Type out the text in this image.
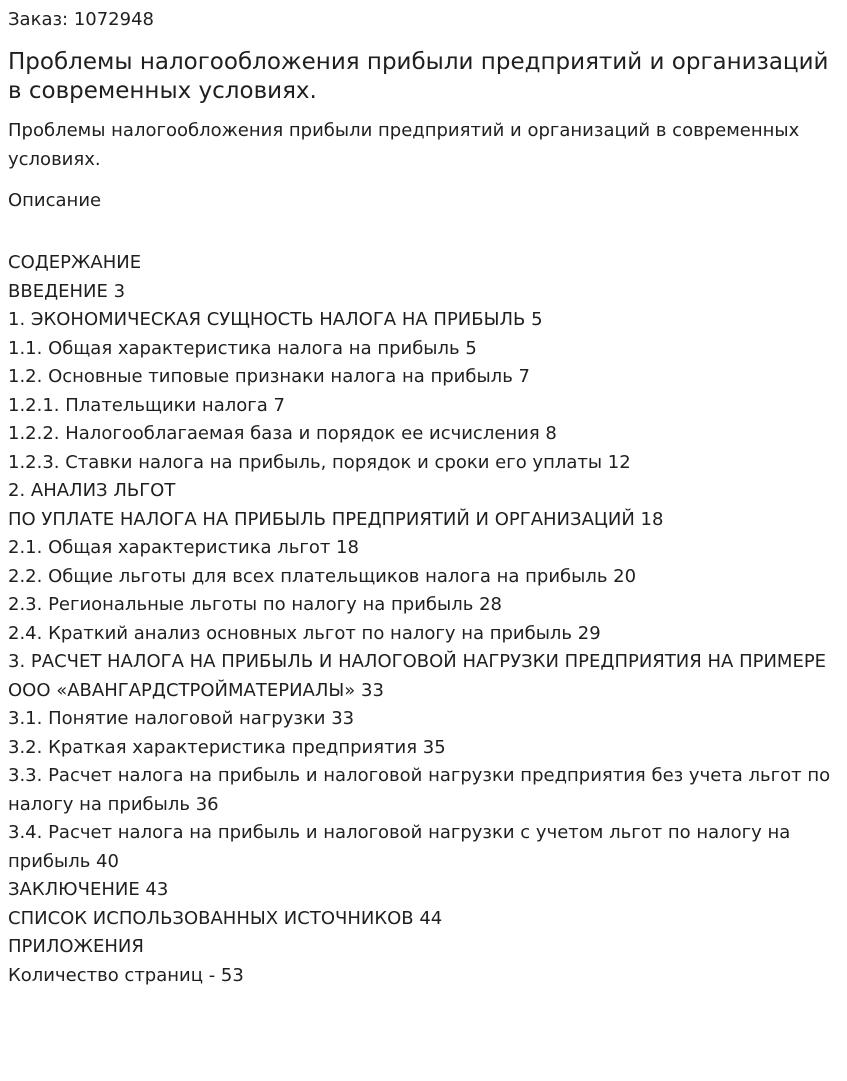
Заказ: 1072948

Проблемы налогообложения прибыли предприятий и организаций в современных условиях.

Проблемы налогообложения прибыли предприятий и организаций в современных условиях.

Описание

СОДЕРЖАНИЕ
ВВЕДЕНИЕ 3
1. ЭКОНОМИЧЕСКАЯ СУЩНОСТЬ НАЛОГА НА ПРИБЫЛЬ 5
1.1. Общая характеристика налога на прибыль 5
1.2. Основные типовые признаки налога на прибыль 7
1.2.1. Плательщики налога 7
1.2.2. Налогооблагаемая база и порядок ее исчисления 8
1.2.3. Ставки налога на прибыль, порядок и сроки его уплаты 12
2. АНАЛИЗ ЛЬГОТ
ПО УПЛАТЕ НАЛОГА НА ПРИБЫЛЬ ПРЕДПРИЯТИЙ И ОРГАНИЗАЦИЙ 18
2.1. Общая характеристика льгот 18
2.2. Общие льготы для всех плательщиков налога на прибыль 20
2.3. Региональные льготы по налогу на прибыль 28
2.4. Краткий анализ основных льгот по налогу на прибыль 29
3. РАСЧЕТ НАЛОГА НА ПРИБЫЛЬ И НАЛОГОВОЙ НАГРУЗКИ ПРЕДПРИЯТИЯ НА ПРИМЕРЕ ООО «АВАНГАРДСТРОЙМАТЕРИАЛЫ» 33
3.1. Понятие налоговой нагрузки 33
3.2. Краткая характеристика предприятия 35
3.3. Расчет налога на прибыль и налоговой нагрузки предприятия без учета льгот по налогу на прибыль 36
3.4. Расчет налога на прибыль и налоговой нагрузки с учетом льгот по налогу на прибыль 40
ЗАКЛЮЧЕНИЕ 43
СПИСОК ИСПОЛЬЗОВАННЫХ ИСТОЧНИКОВ 44
ПРИЛОЖЕНИЯ

Количество страниц - 53
